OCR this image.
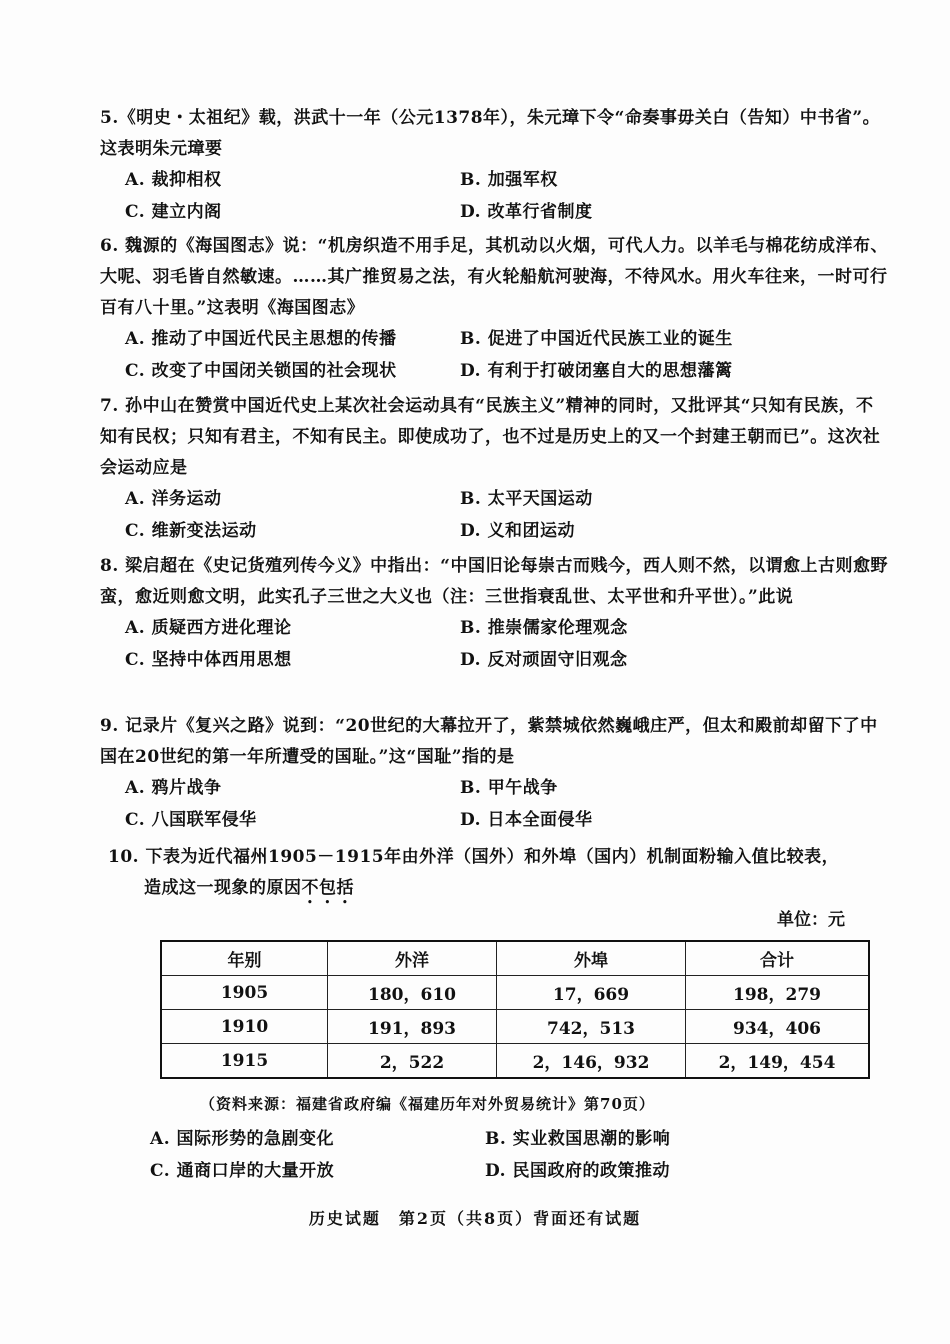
5.《明史・太祖纪》载，洪武十一年（公元1378年），朱元璋下令“命奏事毋关白（告知）中书省”。这表明朱元璋要

A. 裁抑相权	B. 加强军权
C. 建立内阁	D. 改革行省制度

6. 魏源的《海国图志》说：“机房织造不用手足，其机动以火烟，可代人力。以羊毛与棉花纺成洋布、大呢、羽毛皆自然敏速。……其广推贸易之法，有火轮船航河驶海，不待风水。用火车往来，一时可行百有八十里。”这表明《海国图志》

A. 推动了中国近代民主思想的传播	B. 促进了中国近代民族工业的诞生
C. 改变了中国闭关锁国的社会现状	D. 有利于打破闭塞自大的思想藩篱

7. 孙中山在赞赏中国近代史上某次社会运动具有“民族主义”精神的同时，又批评其“只知有民族，不知有民权；只知有君主，不知有民主。即使成功了，也不过是历史上的又一个封建王朝而已”。这次社会运动应是

A. 洋务运动	B. 太平天国运动
C. 维新变法运动	D. 义和团运动

8. 梁启超在《史记货殖列传今义》中指出：“中国旧论每崇古而贱今，西人则不然，以谓愈上古则愈野蛮，愈近则愈文明，此实孔子三世之大义也（注：三世指衰乱世、太平世和升平世）。”此说

A. 质疑西方进化理论	B. 推崇儒家伦理观念
C. 坚持中体西用思想	D. 反对顽固守旧观念

9. 记录片《复兴之路》说到：“20世纪的大幕拉开了，紫禁城依然巍峨庄严，但太和殿前却留下了中国在20世纪的第一年所遭受的国耻。”这“国耻”指的是

A. 鸦片战争	B. 甲午战争
C. 八国联军侵华	D. 日本全面侵华

10. 下表为近代福州1905－1915年由外洋（国外）和外埠（国内）机制面粉输入值比较表，

造成这一现象的原因不包括

单位：元
年别	外洋	外埠	合计
1905	180，610	17，669	198，279
1910	191，893	742，513	934，406
1915	2，522	2，146，932	2，149，454
（资料来源：福建省政府编《福建历年对外贸易统计》第70页）
A. 国际形势的急剧变化	B. 实业救国思潮的影响
C. 通商口岸的大量开放	D. 民国政府的政策推动
历史试题　第2页（共8页）背面还有试题
